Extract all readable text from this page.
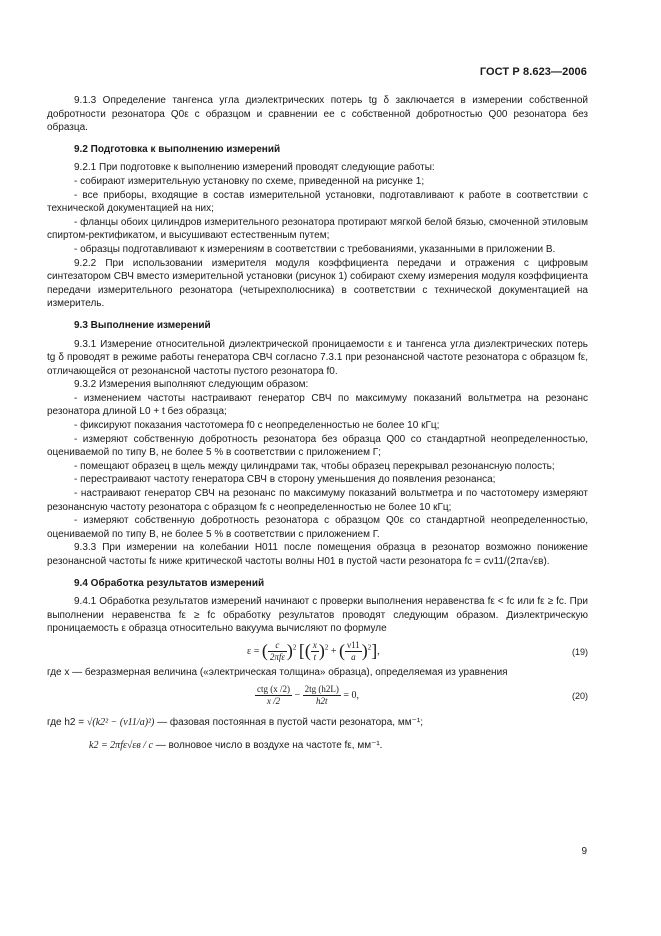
ГОСТ Р 8.623—2006

9.1.3 Определение тангенса угла диэлектрических потерь tg δ заключается в измерении собственной добротности резонатора Q0ε с образцом и сравнении ее с собственной добротностью Q00 резонатора без образца.

9.2 Подготовка к выполнению измерений

9.2.1 При подготовке к выполнению измерений проводят следующие работы:

- собирают измерительную установку по схеме, приведенной на рисунке 1;

- все приборы, входящие в состав измерительной установки, подготавливают к работе в соответствии с технической документацией на них;

- фланцы обоих цилиндров измерительного резонатора протирают мягкой белой бязью, смоченной этиловым спиртом-ректификатом, и высушивают естественным путем;

- образцы подготавливают к измерениям в соответствии с требованиями, указанными в приложении В.

9.2.2 При использовании измерителя модуля коэффициента передачи и отражения с цифровым синтезатором СВЧ вместо измерительной установки (рисунок 1) собирают схему измерения модуля коэффициента передачи измерительного резонатора (четырехполюсника) в соответствии с технической документацией на измеритель.

9.3 Выполнение измерений

9.3.1 Измерение относительной диэлектрической проницаемости ε и тангенса угла диэлектрических потерь tg δ проводят в режиме работы генератора СВЧ согласно 7.3.1 при резонансной частоте резонатора с образцом fε, отличающейся от резонансной частоты пустого резонатора f0.

9.3.2 Измерения выполняют следующим образом:

- изменением частоты настраивают генератор СВЧ по максимуму показаний вольтметра на резонанс резонатора длиной L0 + t без образца;

- фиксируют показания частотомера f0 с неопределенностью не более 10 кГц;

- измеряют собственную добротность резонатора без образца Q00 со стандартной неопределенностью, оцениваемой по типу В, не более 5 % в соответствии с приложением Г;

- помещают образец в щель между цилиндрами так, чтобы образец перекрывал резонансную полость;

- перестраивают частоту генератора СВЧ в сторону уменьшения до появления резонанса;

- настраивают генератор СВЧ на резонанс по максимуму показаний вольтметра и по частотомеру измеряют резонансную частоту резонатора с образцом fε с неопределенностью не более 10 кГц;

- измеряют собственную добротность резонатора с образцом Q0ε со стандартной неопределенностью, оцениваемой по типу В, не более 5 % в соответствии с приложением Г.

9.3.3 При измерении на колебании H011 после помещения образца в резонатор возможно понижение резонансной частоты fε ниже критической частоты волны H01 в пустой части резонатора fc = cν11/(2πa√εв).

9.4 Обработка результатов измерений

9.4.1 Обработка результатов измерений начинают с проверки выполнения неравенства fε < fc или fε ≥ fc. При выполнении неравенства fε ≥ fc обработку результатов проводят следующим образом. Диэлектрическую проницаемость ε образца относительно вакуума вычисляют по формуле

ε = ( $\frac{c}{\text{2πfε}} )^2$ [( $\frac{x}{t} )^2$ + ( $\frac{\nu 11}{a} )^2$],	(19)

где x — безразмерная величина («электрическая толщина» образца), определяемая из уравнения

$\frac{\text{ctg (x /2)}}{x /2} - \frac{2tg (h2L)}{h2t} = 0$,	(20)

где h2 = √(k2² − (ν11/a)²) — фазовая постоянная в пустой части резонатора, мм⁻¹;

k2 = 2πfε√εв / c — волновое число в воздухе на частоте fε, мм⁻¹.

9
